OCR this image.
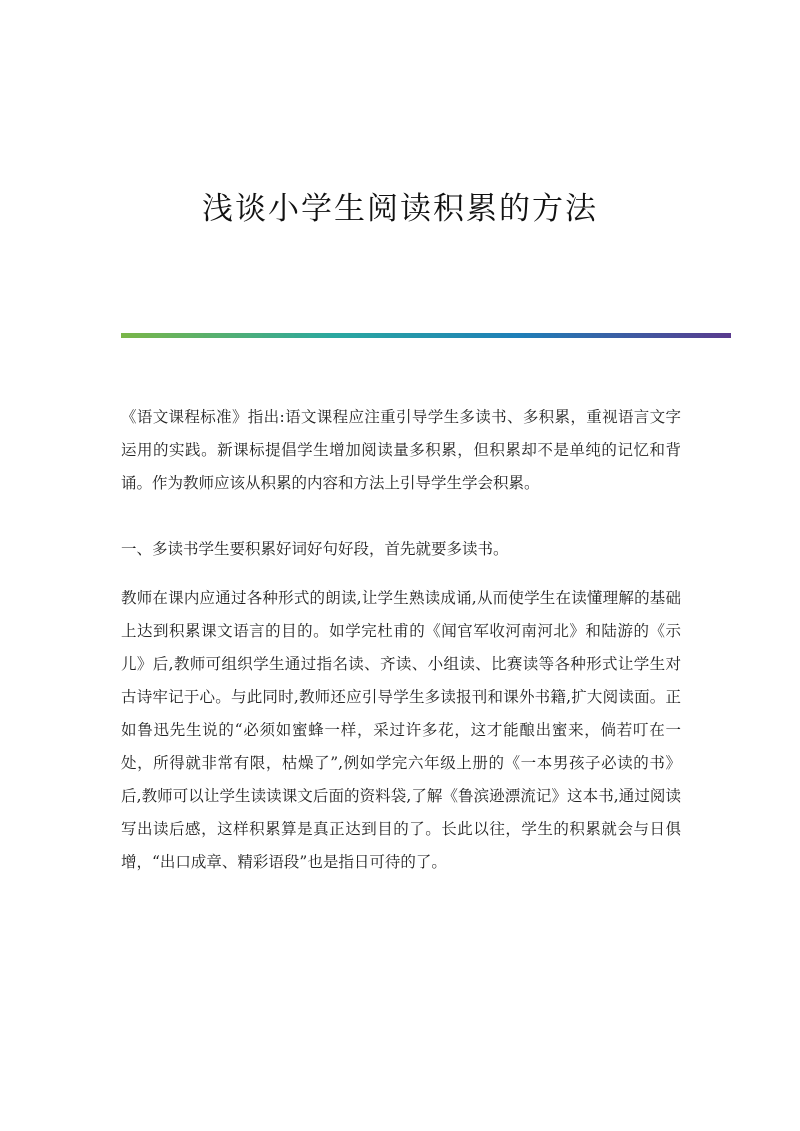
浅谈小学生阅读积累的方法

《语文课程标准》指出:语文课程应注重引导学生多读书、多积累，重视语言文字运用的实践。新课标提倡学生增加阅读量多积累，但积累却不是单纯的记忆和背诵。作为教师应该从积累的内容和方法上引导学生学会积累。

一、多读书学生要积累好词好句好段，首先就要多读书。

教师在课内应通过各种形式的朗读,让学生熟读成诵,从而使学生在读懂理解的基础上达到积累课文语言的目的。如学完杜甫的《闻官军收河南河北》和陆游的《示儿》后,教师可组织学生通过指名读、齐读、小组读、比赛读等各种形式让学生对古诗牢记于心。与此同时,教师还应引导学生多读报刊和课外书籍,扩大阅读面。正如鲁迅先生说的“必须如蜜蜂一样，采过许多花，这才能酿出蜜来，倘若叮在一处，所得就非常有限，枯燥了”,例如学完六年级上册的《一本男孩子必读的书》后,教师可以让学生读读课文后面的资料袋,了解《鲁滨逊漂流记》这本书,通过阅读写出读后感，这样积累算是真正达到目的了。长此以往，学生的积累就会与日俱增，“出口成章、精彩语段”也是指日可待的了。
